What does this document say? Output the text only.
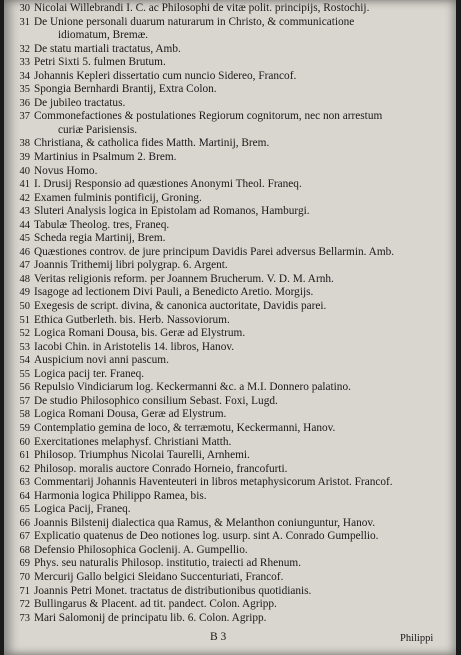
30 Nicolai Willebrandi I. C. ac Philosophi de vitæ polit. principijs, Rostochij.
31 De Unione personali duarum naturarum in Christo, & communicatione
idiomatum, Bremæ.
32 De statu martiali tractatus, Amb.
33 Petri Sixti 5. fulmen Brutum.
34 Johannis Kepleri dissertatio cum nuncio Sidereo, Francof.
35 Spongia Bernhardi Brantij, Extra Colon.
36 De jubileo tractatus.
37 Commonefactiones & postulationes Regiorum cognitorum, nec non arrestum
curiæ Parisiensis.
38 Christiana, & catholica fides Matth. Martinij, Brem.
39 Martinius in Psalmum 2. Brem.
40 Novus Homo.
41 I. Drusij Responsio ad quæstiones Anonymi Theol. Franeq.
42 Examen fulminis pontificij, Groning.
43 Sluteri Analysis logica in Epistolam ad Romanos, Hamburgi.
44 Tabulæ Theolog. tres, Franeq.
45 Scheda regia Martinij, Brem.
46 Quæstiones controv. de jure principum Davidis Parei adversus Bellarmin. Amb.
47 Joannis Trithemij libri polygrap. 6. Argent.
48 Veritas religionis reform. per Joannem Brucherum. V. D. M. Arnh.
49 Isagoge ad lectionem Divi Pauli, a Benedicto Aretio. Morgijs.
50 Exegesis de script. divina, & canonica auctoritate, Davidis parei.
51 Ethica Gutberleth. bis. Herb. Nassoviorum.
52 Logica Romani Dousa, bis. Geræ ad Elystrum.
53 Iacobi Chin. in Aristotelis 14. libros, Hanov.
54 Auspicium novi anni pascum.
55 Logica pacij ter. Franeq.
56 Repulsio Vindiciarum log. Keckermanni &c. a M.I. Donnero palatino.
57 De studio Philosophico consilium Sebast. Foxi, Lugd.
58 Logica Romani Dousa, Geræ ad Elystrum.
59 Contemplatio gemina de loco, & terræmotu, Keckermanni, Hanov.
60 Exercitationes melaphysf. Christiani Matth.
61 Philosop. Triumphus Nicolai Taurelli, Arnhemi.
62 Philosop. moralis auctore Conrado Horneio, francofurti.
63 Commentarij Johannis Haventeuteri in libros metaphysicorum Aristot. Francof.
64 Harmonia logica Philippo Ramea, bis.
65 Logica Pacij, Franeq.
66 Joannis Bilstenij dialectica qua Ramus, & Melanthon coniunguntur, Hanov.
67 Explicatio quatenus de Deo notiones log. usurp. sint A. Conrado Gumpellio.
68 Defensio Philosophica Goclenij. A. Gumpellio.
69 Phys. seu naturalis Philosop. institutio, traiecti ad Rhenum.
70 Mercurij Gallo belgici Sleidano Succenturiati, Francof.
71 Joannis Petri Monet. tractatus de distributionibus quotidianis.
72 Bullingarus & Placent. ad tit. pandect. Colon. Agripp.
73 Mari Salomonij de principatu lib. 6. Colon. Agripp.
B 3	Philippi
